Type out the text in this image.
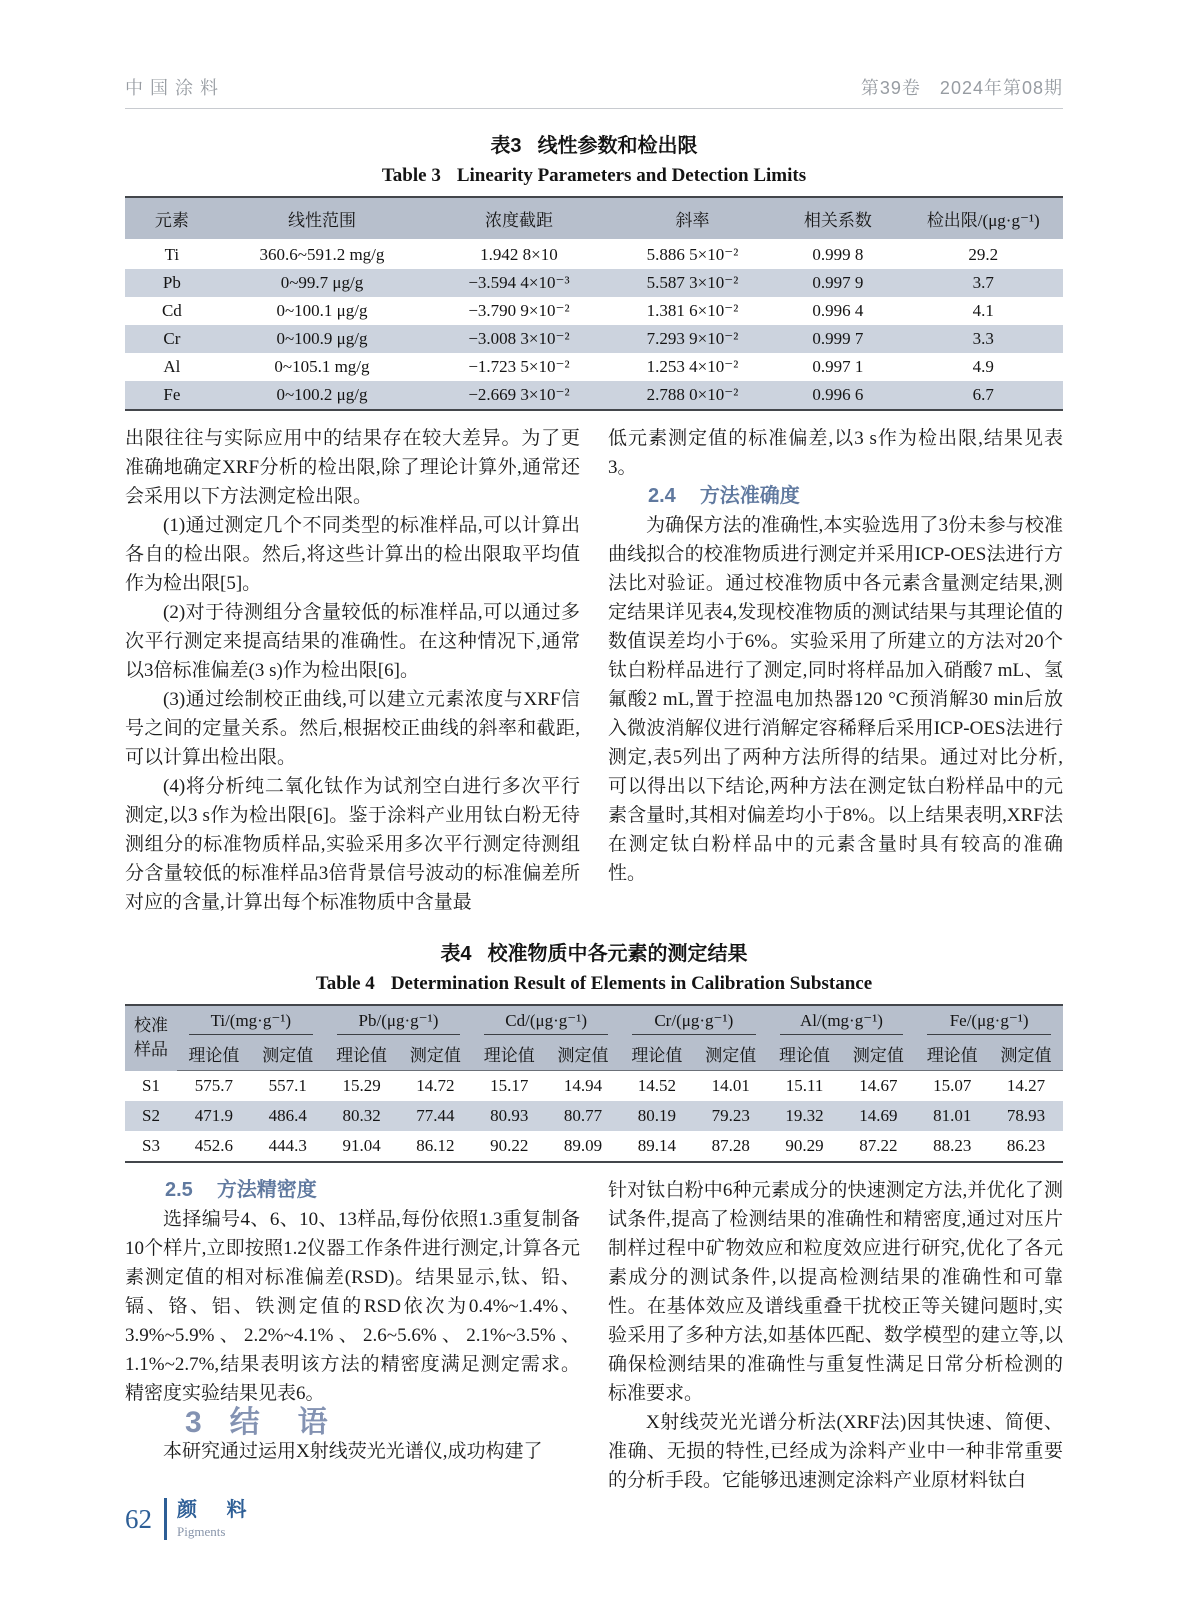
中国涂料	第39卷　2024年第08期
表3 线性参数和检出限
Table 3 Linearity Parameters and Detection Limits
元素	线性范围	浓度截距	斜率	相关系数	检出限/(μg·g⁻¹)
Ti	360.6~591.2 mg/g	1.942 8×10	5.886 5×10⁻²	0.999 8	29.2
Pb	0~99.7 μg/g	−3.594 4×10⁻³	5.587 3×10⁻²	0.997 9	3.7
Cd	0~100.1 μg/g	−3.790 9×10⁻²	1.381 6×10⁻²	0.996 4	4.1
Cr	0~100.9 μg/g	−3.008 3×10⁻²	7.293 9×10⁻²	0.999 7	3.3
Al	0~105.1 mg/g	−1.723 5×10⁻²	1.253 4×10⁻²	0.997 1	4.9
Fe	0~100.2 μg/g	−2.669 3×10⁻²	2.788 0×10⁻²	0.996 6	6.7

出限往往与实际应用中的结果存在较大差异。为了更准确地确定XRF分析的检出限,除了理论计算外,通常还会采用以下方法测定检出限。

(1)通过测定几个不同类型的标准样品,可以计算出各自的检出限。然后,将这些计算出的检出限取平均值作为检出限[5]。

(2)对于待测组分含量较低的标准样品,可以通过多次平行测定来提高结果的准确性。在这种情况下,通常以3倍标准偏差(3 s)作为检出限[6]。

(3)通过绘制校正曲线,可以建立元素浓度与XRF信号之间的定量关系。然后,根据校正曲线的斜率和截距,可以计算出检出限。

(4)将分析纯二氧化钛作为试剂空白进行多次平行测定,以3 s作为检出限[6]。鉴于涂料产业用钛白粉无待测组分的标准物质样品,实验采用多次平行测定待测组分含量较低的标准样品3倍背景信号波动的标准偏差所对应的含量,计算出每个标准物质中含量最

低元素测定值的标准偏差,以3 s作为检出限,结果见表3。

2.4 方法准确度

为确保方法的准确性,本实验选用了3份未参与校准曲线拟合的校准物质进行测定并采用ICP-OES法进行方法比对验证。通过校准物质中各元素含量测定结果,测定结果详见表4,发现校准物质的测试结果与其理论值的数值误差均小于6%。实验采用了所建立的方法对20个钛白粉样品进行了测定,同时将样品加入硝酸7 mL、氢氟酸2 mL,置于控温电加热器120 °C预消解30 min后放入微波消解仪进行消解定容稀释后采用ICP-OES法进行测定,表5列出了两种方法所得的结果。通过对比分析,可以得出以下结论,两种方法在测定钛白粉样品中的元素含量时,其相对偏差均小于8%。以上结果表明,XRF法在测定钛白粉样品中的元素含量时具有较高的准确性。

表4 校准物质中各元素的测定结果
Table 4 Determination Result of Elements in Calibration Substance
校准样品	Ti/(mg·g⁻¹)		Pb/(μg·g⁻¹)		Cd/(μg·g⁻¹)		Cr/(μg·g⁻¹)		Al/(mg·g⁻¹)		Fe/(μg·g⁻¹)	

	理论值	测定值	理论值	测定值	理论值	测定值	理论值	测定值	理论值	测定值	理论值	测定值
S1	575.7	557.1	15.29	14.72	15.17	14.94	14.52	14.01	15.11	14.67	15.07	14.27
S2	471.9	486.4	80.32	77.44	80.93	80.77	80.19	79.23	19.32	14.69	81.01	78.93
S3	452.6	444.3	91.04	86.12	90.22	89.09	89.14	87.28	90.29	87.22	88.23	86.23

2.5 方法精密度

选择编号4、6、10、13样品,每份依照1.3重复制备10个样片,立即按照1.2仪器工作条件进行测定,计算各元素测定值的相对标准偏差(RSD)。结果显示,钛、铅、镉、铬、铝、铁测定值的RSD依次为0.4%~1.4%、3.9%~5.9%、2.2%~4.1%、2.6~5.6%、2.1%~3.5%、1.1%~2.7%,结果表明该方法的精密度满足测定需求。精密度实验结果见表6。

3 结　语

本研究通过运用X射线荧光光谱仪,成功构建了

针对钛白粉中6种元素成分的快速测定方法,并优化了测试条件,提高了检测结果的准确性和精密度,通过对压片制样过程中矿物效应和粒度效应进行研究,优化了各元素成分的测试条件,以提高检测结果的准确性和可靠性。在基体效应及谱线重叠干扰校正等关键问题时,实验采用了多种方法,如基体匹配、数学模型的建立等,以确保检测结果的准确性与重复性满足日常分析检测的标准要求。

X射线荧光光谱分析法(XRF法)因其快速、简便、准确、无损的特性,已经成为涂料产业中一种非常重要的分析手段。它能够迅速测定涂料产业原材料钛白

62 颜 料
Pigments
